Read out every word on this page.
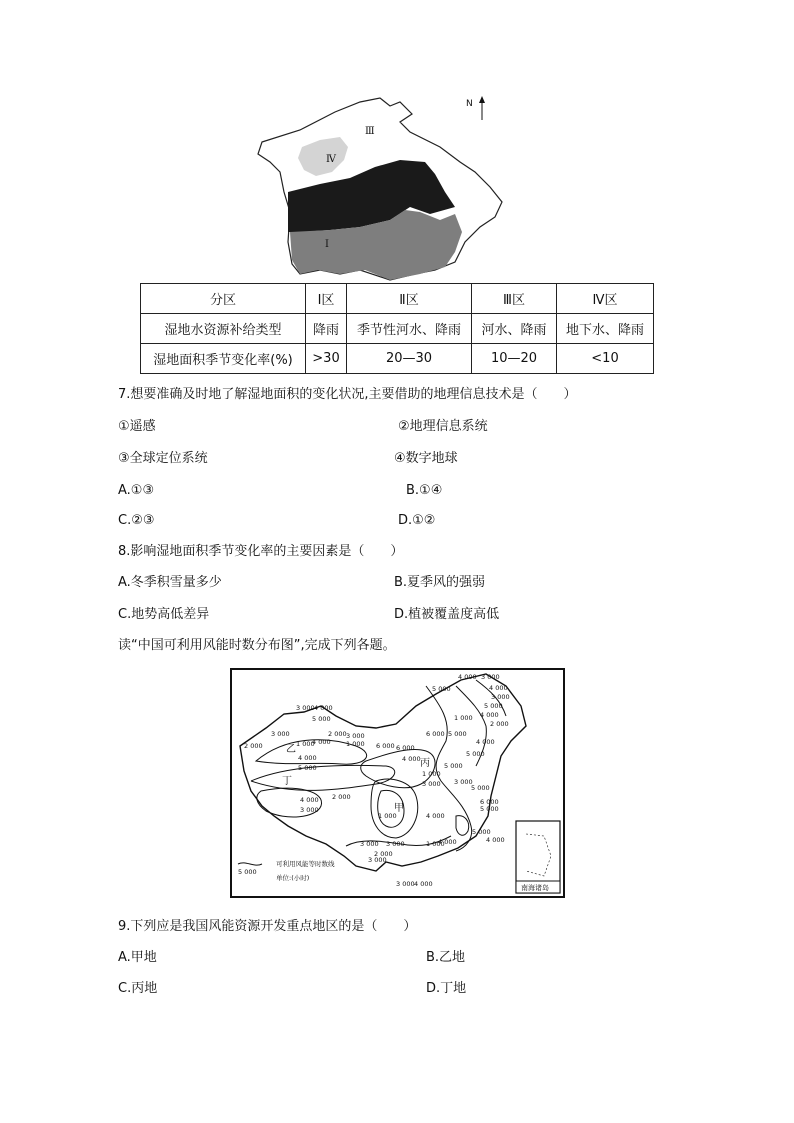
Ⅰ
Ⅲ
Ⅳ
N
分区	Ⅰ区	Ⅱ区	Ⅲ区	Ⅳ区
湿地水资源补给类型	降雨	季节性河水、降雨	河水、降雨	地下水、降雨
湿地面积季节变化率(%)	>30	20—30	10—20	<10
7.想要准确及时地了解湿地面积的变化状况,主要借助的地理信息技术是（　　）
①遥感	②地理信息系统
③全球定位系统	④数字地球
A.①③	B.①④
C.②③	D.①②
8.影响湿地面积季节变化率的主要因素是（　　）
A.冬季积雪量多少	B.夏季风的强弱
C.地势高低差异	D.植被覆盖度高低
读“中国可利用风能时数分布图”,完成下列各题。
南海诸岛
4 000 3 000
5 000	4 000
3 000
5 000
4 000
2 000
1 000
3 000 4 000
5 000
6 000 5 000
6 000	4 000
5 000
2 000	4 000
3 000	2 000
1 000	1 000
3 000
4 000
5 000
6 000
4 000
5 000
1 000
3 000
2 000
3 000
4 000
1 000
5 000
3 000
2 000
4 000
3 000	4 000
3 000
5 000
4 000
6 000
5 000
1 000
4 000
3 000
3 000
乙
丙
丁
甲
5 000
可利用风能等时数线
单位:(小时)
9.下列应是我国风能资源开发重点地区的是（　　）
A.甲地	B.乙地
C.丙地	D.丁地
